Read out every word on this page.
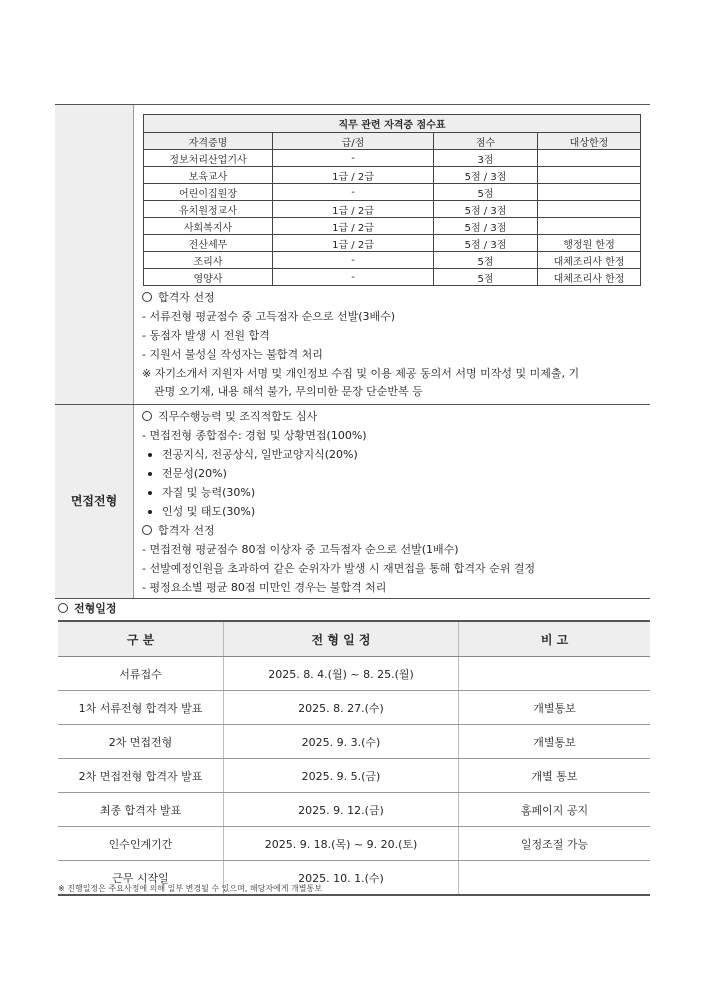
면접전형
직무 관련 자격증 점수표			
자격증명	급/점	점수	대상한정
정보처리산업기사	-	3점	
보육교사	1급 / 2급	5점 / 3점	
어린이집원장	-	5점	
유치원정교사	1급 / 2급	5점 / 3점	
사회복지사	1급 / 2급	5점 / 3점	
전산세무	1급 / 2급	5점 / 3점	행정원 한정
조리사	-	5점	대체조리사 한정
영양사	-	5점	대체조리사 한정
합격자 선정
- 서류전형 평균점수 중 고득점자 순으로 선발(3배수)
- 동점자 발생 시 전원 합격
- 지원서 불성실 작성자는 불합격 처리
※ 자기소개서 지원자 서명 및 개인정보 수집 및 이용 제공 동의서 서명 미작성 및 미제출, 기
관명 오기재, 내용 해석 불가, 무의미한 문장 단순반복 등
직무수행능력 및 조직적합도 심사
- 면접전형 종합점수: 경험 및 상황면접(100%)
전공지식, 전공상식, 일반교양지식(20%)
전문성(20%)
자질 및 능력(30%)
인성 및 태도(30%)
합격자 선정
- 면접전형 평균점수 80점 이상자 중 고득점자 순으로 선발(1배수)
- 선발예정인원을 초과하여 같은 순위자가 발생 시 재면접을 통해 합격자 순위 결정
- 평정요소별 평균 80점 미만인 경우는 불합격 처리
전형일정
구 분	전 형 일 정	비 고
서류접수	2025. 8. 4.(월) ~ 8. 25.(월)	
1차 서류전형 합격자 발표	2025. 8. 27.(수)	개별통보
2차 면접전형	2025. 9. 3.(수)	개별통보
2차 면접전형 합격자 발표	2025. 9. 5.(금)	개별 통보
최종 합격자 발표	2025. 9. 12.(금)	홈페이지 공지
인수인계기간	2025. 9. 18.(목) ~ 9. 20.(토)	일정조절 가능
근무 시작일	2025. 10. 1.(수)	
※ 진행일정은 주요사정에 의해 일부 변경될 수 있으며, 해당자에게 개별통보
